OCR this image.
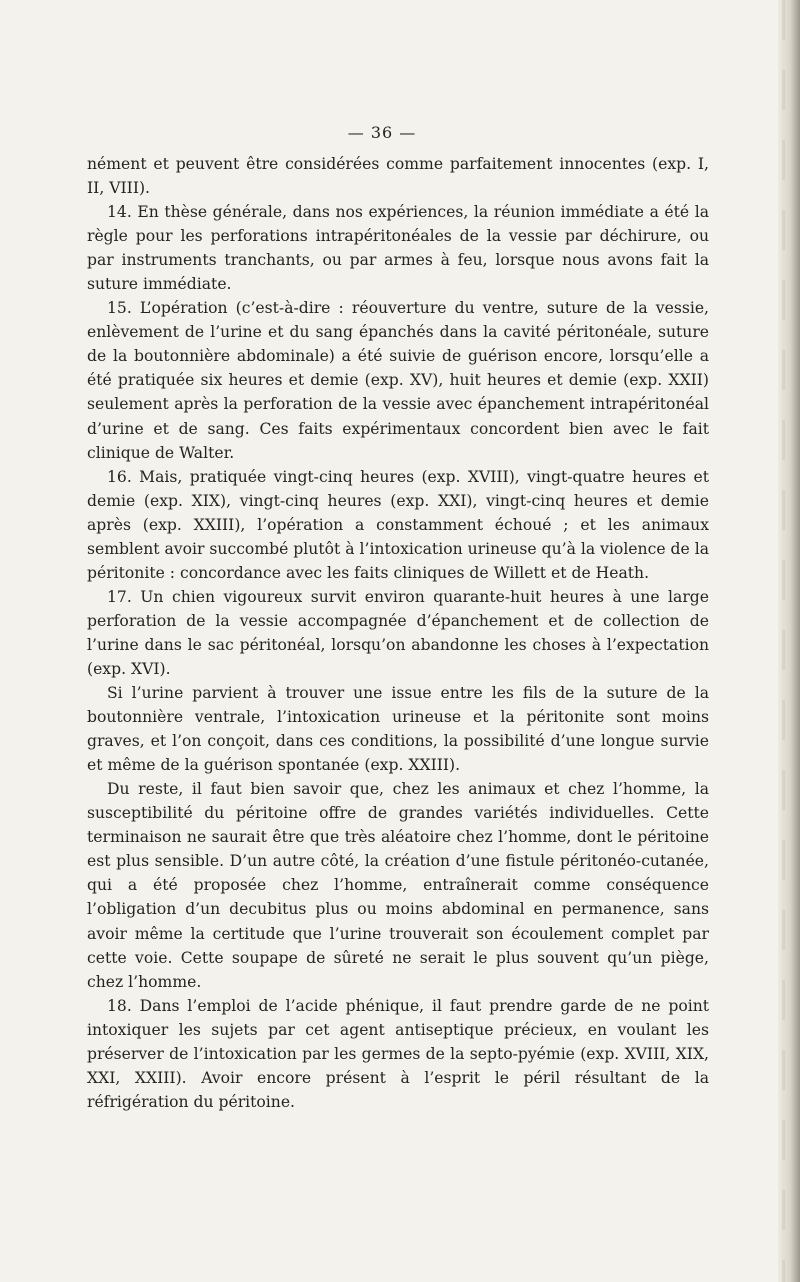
— 36 —

nément et peuvent être considérées comme parfaitement innocentes (exp. I, II, VIII).

14. En thèse générale, dans nos expériences, la réunion immédiate a été la règle pour les perforations intrapéritonéales de la vessie par déchirure, ou par instruments tranchants, ou par armes à feu, lorsque nous avons fait la suture immédiate.

15. L’opération (c’est-à-dire : réouverture du ventre, suture de la vessie, enlèvement de l’urine et du sang épanchés dans la cavité péritonéale, suture de la boutonnière abdominale) a été suivie de guérison encore, lorsqu’elle a été pratiquée six heures et demie (exp. XV), huit heures et demie (exp. XXII) seulement après la perforation de la vessie avec épanchement intrapéritonéal d’urine et de sang. Ces faits expérimentaux concordent bien avec le fait clinique de Walter.

16. Mais, pratiquée vingt-cinq heures (exp. XVIII), vingt-quatre heures et demie (exp. XIX), vingt-cinq heures (exp. XXI), vingt-cinq heures et demie après (exp. XXIII), l’opération a constamment échoué ; et les animaux semblent avoir succombé plutôt à l’intoxication urineuse qu’à la violence de la péritonite : concordance avec les faits cliniques de Willett et de Heath.

17. Un chien vigoureux survit environ quarante-huit heures à une large perforation de la vessie accompagnée d’épanchement et de collection de l’urine dans le sac péritonéal, lorsqu’on abandonne les choses à l’expectation (exp. XVI).

Si l’urine parvient à trouver une issue entre les fils de la suture de la boutonnière ventrale, l’intoxication urineuse et la péritonite sont moins graves, et l’on conçoit, dans ces conditions, la possibilité d’une longue survie et même de la guérison spontanée (exp. XXIII).

Du reste, il faut bien savoir que, chez les animaux et chez l’homme, la susceptibilité du péritoine offre de grandes variétés individuelles. Cette terminaison ne saurait être que très aléatoire chez l’homme, dont le péritoine est plus sensible. D’un autre côté, la création d’une fistule péritonéo-cutanée, qui a été proposée chez l’homme, entraînerait comme conséquence l’obligation d’un decubitus plus ou moins abdominal en permanence, sans avoir même la certitude que l’urine trouverait son écoulement complet par cette voie. Cette soupape de sûreté ne serait le plus souvent qu’un piège, chez l’homme.

18. Dans l’emploi de l’acide phénique, il faut prendre garde de ne point intoxiquer les sujets par cet agent antiseptique précieux, en voulant les préserver de l’intoxication par les germes de la septo-pyémie (exp. XVIII, XIX, XXI, XXIII). Avoir encore présent à l’esprit le péril résultant de la réfrigération du péritoine.
